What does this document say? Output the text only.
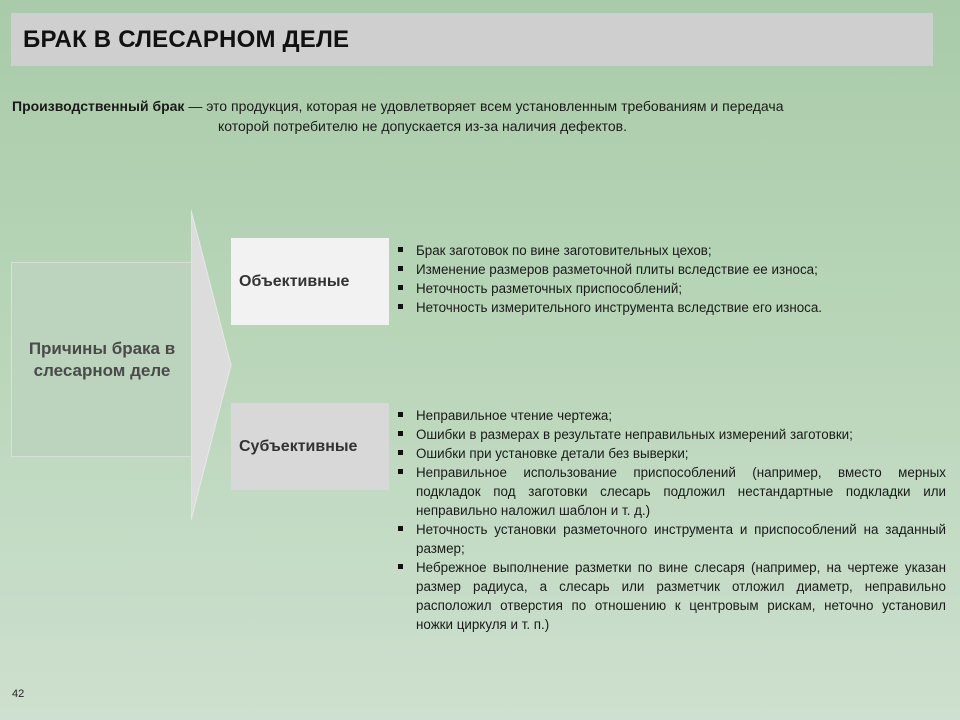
БРАК В СЛЕСАРНОМ ДЕЛЕ
Производственный брак — это продукция, которая не удовлетворяет всем установленным требованиям и передача
которой потребителю не допускается из-за наличия дефектов.
Причины брака в
слесарном деле
Объективные
Брак заготовок по вине заготовительных цехов;
Изменение размеров разметочной плиты вследствие ее износа;
Неточность разметочных приспособлений;
Неточность измерительного инструмента вследствие его износа.
Субъективные
Неправильное чтение чертежа;
Ошибки в размерах в результате неправильных измерений заготовки;
Ошибки при установке детали без выверки;
Неправильное использование приспособлений (например, вместо мерных подкладок под заготовки слесарь подложил нестандартные подкладки или неправильно наложил шаблон и т. д.)
Неточность установки разметочного инструмента и приспособлений на заданный размер;
Небрежное выполнение разметки по вине слесаря (например, на чертеже указан размер радиуса, а слесарь или разметчик отложил диаметр, неправильно расположил отверстия по отношению к центровым рискам, неточно установил ножки циркуля и т. п.)
42
